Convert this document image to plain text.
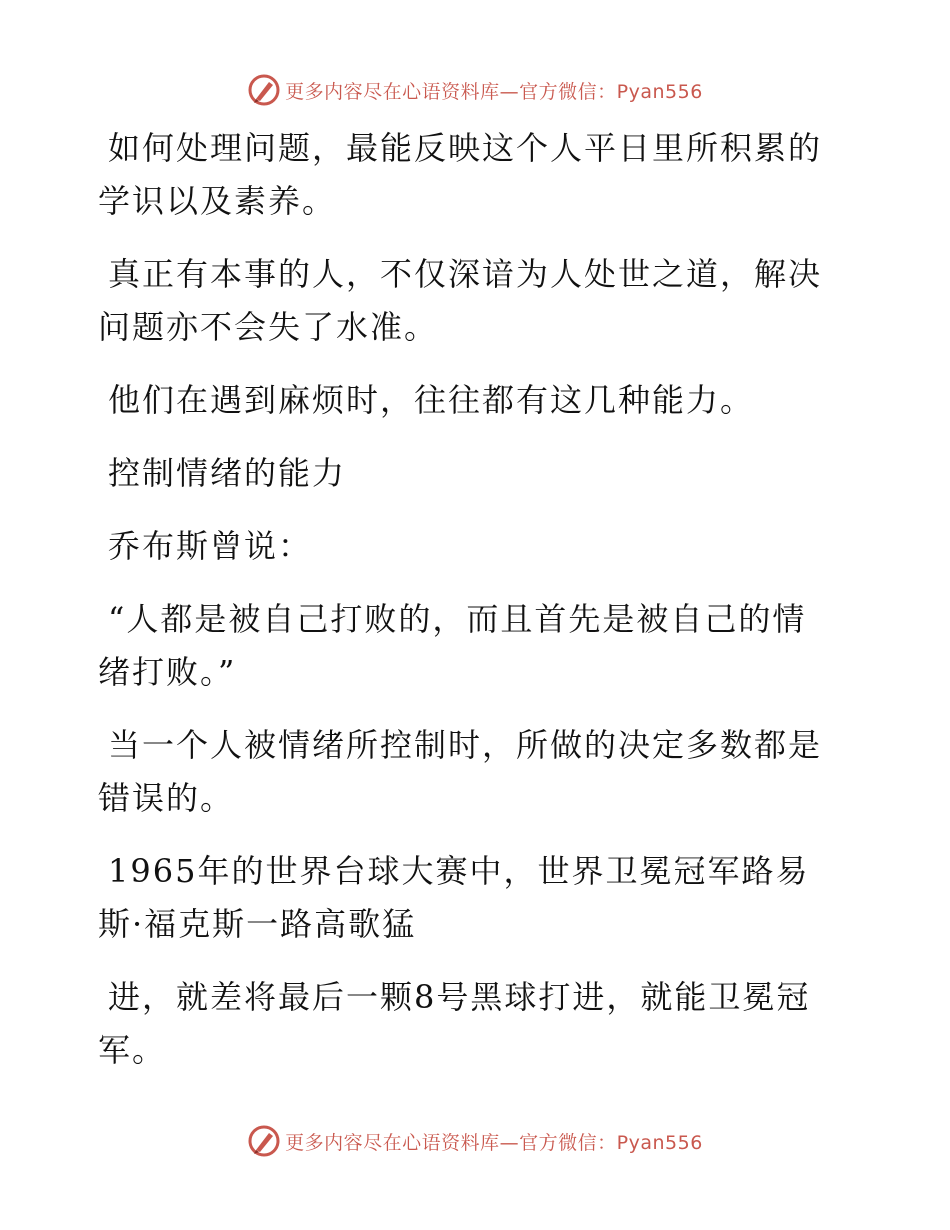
更多内容尽在心语资料库—官方微信：Pyan556

如何处理问题，最能反映这个人平日里所积累的学识以及素养。

真正有本事的人，不仅深谙为人处世之道，解决问题亦不会失了水准。

他们在遇到麻烦时，往往都有这几种能力。

控制情绪的能力

乔布斯曾说：

“人都是被自己打败的，而且首先是被自己的情绪打败。”

当一个人被情绪所控制时，所做的决定多数都是错误的。

1965年的世界台球大赛中，世界卫冕冠军路易斯·福克斯一路高歌猛

进，就差将最后一颗8号黑球打进，就能卫冕冠军。

更多内容尽在心语资料库—官方微信：Pyan556
